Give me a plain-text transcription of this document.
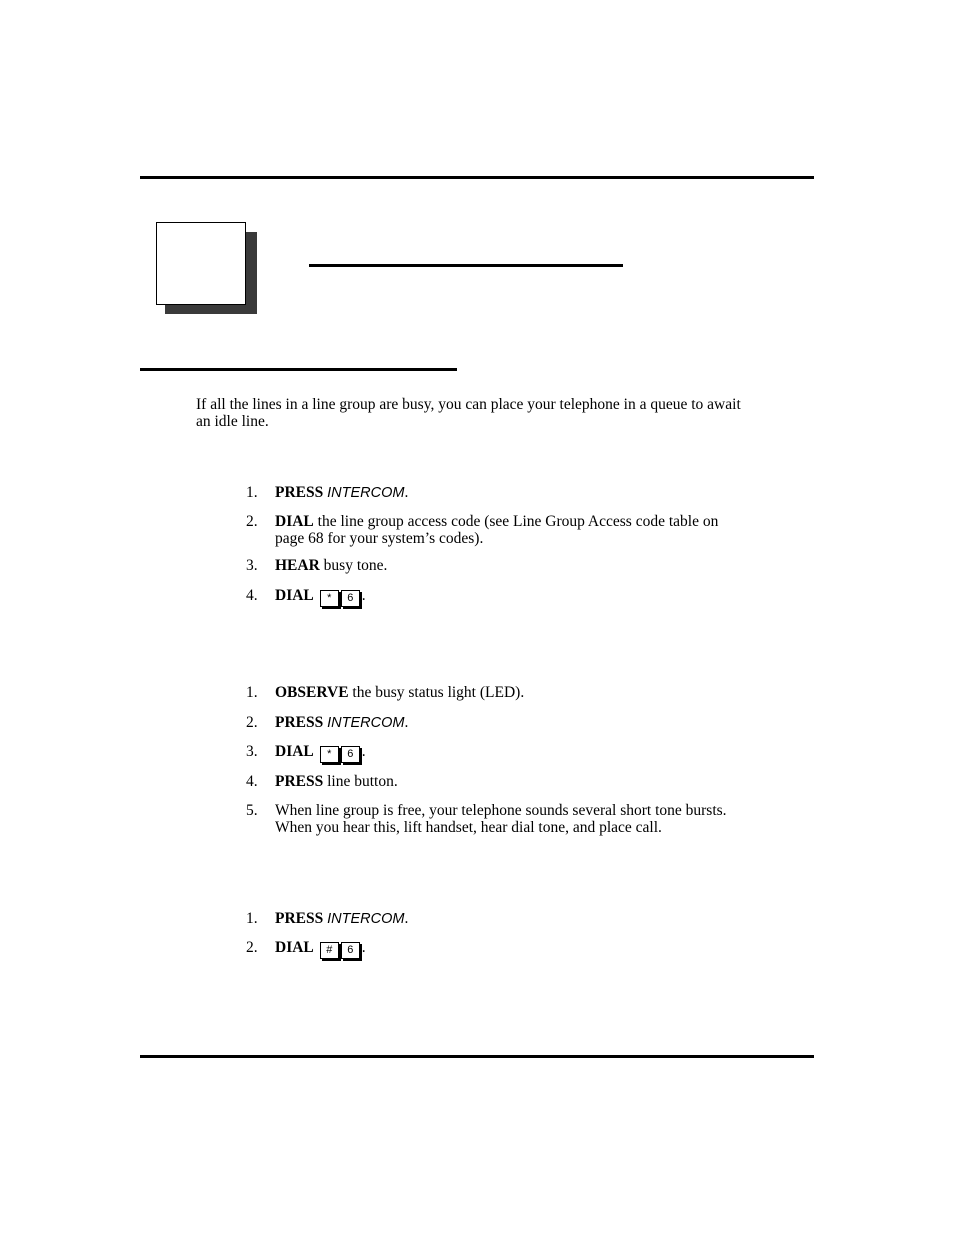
If all the lines in a line group are busy, you can place your telephone in a queue to await an idle line.

1.	PRESS INTERCOM.
2.	DIAL the line group access code (see Line Group Access code table on page 68 for your system’s codes).
3.	HEAR busy tone.
4.	DIAL * 6 .
1.	OBSERVE the busy status light (LED).
2.	PRESS INTERCOM.
3.	DIAL * 6 .
4.	PRESS line button.
5.	When line group is free, your telephone sounds several short tone bursts. When you hear this, lift handset, hear dial tone, and place call.
1.	PRESS INTERCOM.
2.	DIAL # 6 .
